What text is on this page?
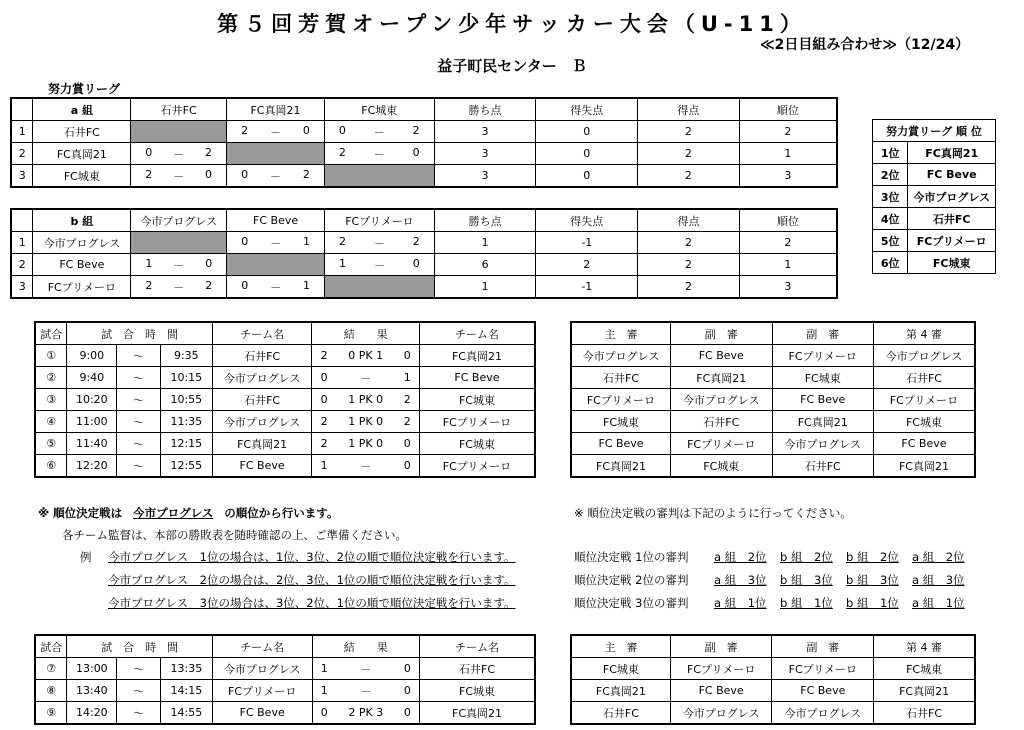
第５回芳賀オープン少年サッカー大会（U-11）
≪2日目組み合わせ≫（12/24）
益子町民センター　Ｂ
努力賞リーグ
	a 組	石井FC	FC真岡21	FC城東	勝ち点	得失点	得点	順位
1	石井FC		2 － 0	0 － 2	3	0	2	2
2	FC真岡21	0 － 2		2 － 0	3	0	2	1
3	FC城東	2 － 0	0 － 2		3	0	2	3
	b 組	今市プログレス	FC Beve	FCプリメーロ	勝ち点	得失点	得点	順位
1	今市プログレス		0 － 1	2 － 2	1	-1	2	2
2	FC Beve	1 － 0		1 － 0	6	2	2	1
3	FCプリメーロ	2 － 2	0 － 1		1	-1	2	3
努力賞リーグ 順 位	
1位	FC真岡21
2位	FC Beve
3位	今市プログレス
4位	石井FC
5位	FCプリメーロ
6位	FC城東
試合	試　合　時　間			チーム名	結　　果			チーム名
①	9:00	～	9:35	石井FC	2	0 PK 1	0	FC真岡21
②	9:40	～	10:15	今市プログレス	0	－	1	FC Beve
③	10:20	～	10:55	石井FC	0	1 PK 0	2	FC城東
④	11:00	～	11:35	今市プログレス	2	1 PK 0	2	FCプリメーロ
⑤	11:40	～	12:15	FC真岡21	2	1 PK 0	0	FC城東
⑥	12:20	～	12:55	FC Beve	1	－	0	FCプリメーロ
主　審	副　審	副　審	第 4 審
今市プログレス	FC Beve	FCプリメーロ	今市プログレス
石井FC	FC真岡21	FC城東	石井FC
FCプリメーロ	今市プログレス	FC Beve	FCプリメーロ
FC城東	石井FC	FC真岡21	FC城東
FC Beve	FCプリメーロ	今市プログレス	FC Beve
FC真岡21	FC城東	石井FC	FC真岡21
※ 順位決定戦は 今市プログレス の順位から行います。
各チーム監督は、本部の勝敗表を随時確認の上、ご準備ください。
例 今市プログレス　1位の場合は、1位、3位、2位の順で順位決定戦を行います。
今市プログレス　2位の場合は、2位、3位、1位の順で順位決定戦を行います。
今市プログレス　3位の場合は、3位、2位、1位の順で順位決定戦を行います。
※ 順位決定戦の審判は下記のように行ってください。
順位決定戦 1位の審判 a 組　2位 b 組　2位 b 組　2位 a 組　2位
順位決定戦 2位の審判 a 組　3位 b 組　3位 b 組　3位 a 組　3位
順位決定戦 3位の審判 a 組　1位 b 組　1位 b 組　1位 a 組　1位
試合	試　合　時　間			チーム名	結　　果			チーム名
⑦	13:00	～	13:35	今市プログレス	1	－	0	石井FC
⑧	13:40	～	14:15	FCプリメーロ	1	－	0	FC城東
⑨	14:20	～	14:55	FC Beve	0	2 PK 3	0	FC真岡21
主　審	副　審	副　審	第 4 審
FC城東	FCプリメーロ	FCプリメーロ	FC城東
FC真岡21	FC Beve	FC Beve	FC真岡21
石井FC	今市プログレス	今市プログレス	石井FC
